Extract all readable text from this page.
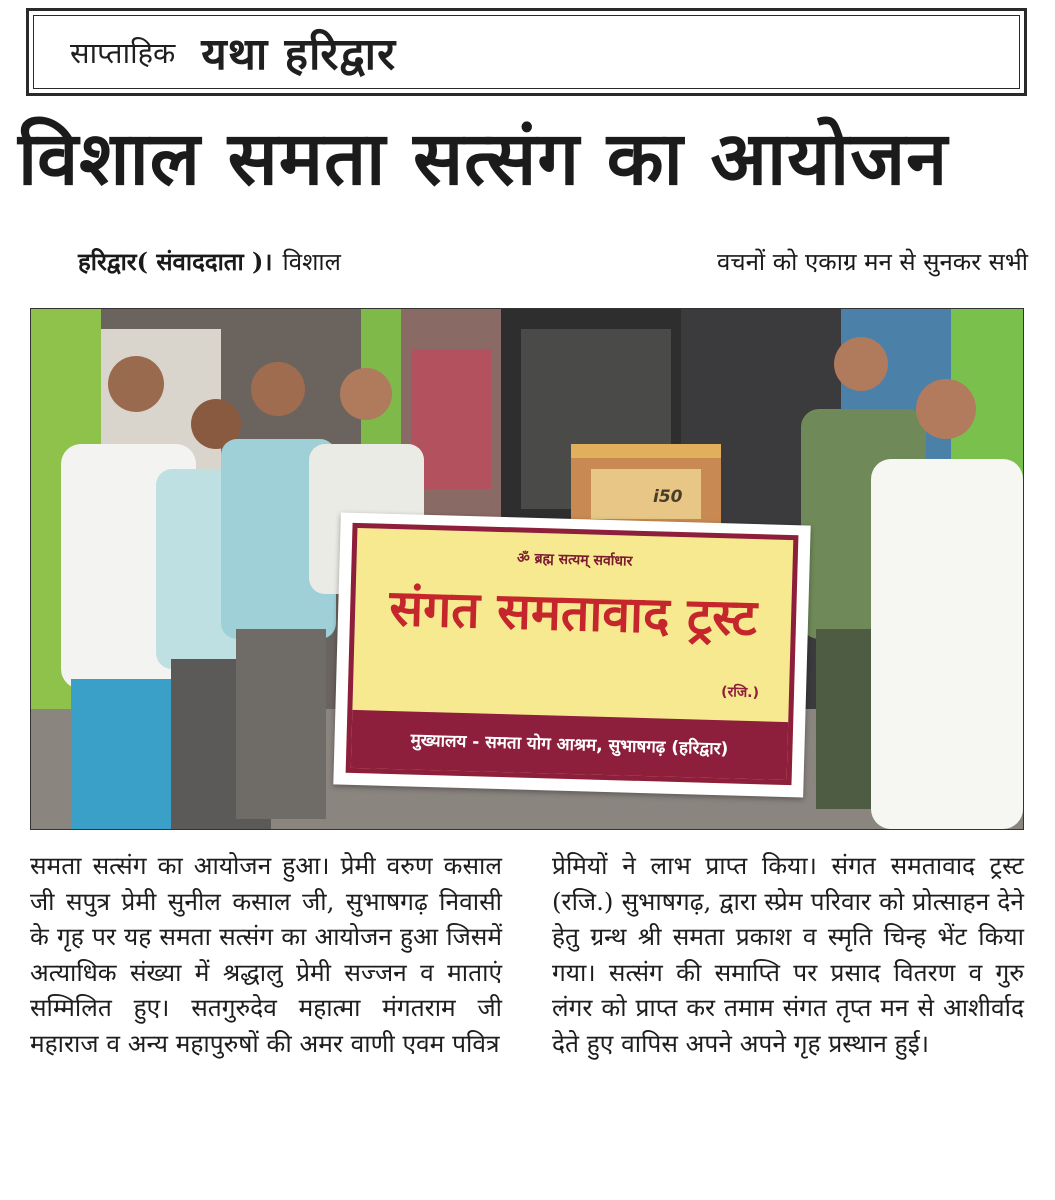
साप्ताहिक यथा हरिद्वार
विशाल समता सत्संग का आयोजन
हरिद्वार( संवाददाता )। विशाल	वचनों को एकाग्र मन से सुनकर सभी
i50
ॐ ब्रह्म सत्यम् सर्वाधार
संगत समतावाद ट्रस्ट
(रजि.)
मुख्यालय - समता योग आश्रम, सुभाषगढ़ (हरिद्वार)
समता सत्संग का आयोजन हुआ। प्रेमी वरुण कसाल जी सपुत्र प्रेमी सुनील कसाल जी, सुभाषगढ़ निवासी के गृह पर यह समता सत्संग का आयोजन हुआ जिसमें अत्याधिक संख्या में श्रद्धालु प्रेमी सज्जन व माताएं सम्मिलित हुए। सतगुरुदेव महात्मा मंगतराम जी महाराज व अन्य महापुरुषों की अमर वाणी एवम पवित्र
प्रेमियों ने लाभ प्राप्त किया। संगत समतावाद ट्रस्ट (रजि.) सुभाषगढ़, द्वारा स्प्रेम परिवार को प्रोत्साहन देने हेतु ग्रन्थ श्री समता प्रकाश व स्मृति चिन्ह भेंट किया गया। सत्संग की समाप्ति पर प्रसाद वितरण व गुरु लंगर को प्राप्त कर तमाम संगत तृप्त मन से आशीर्वाद देते हुए वापिस अपने अपने गृह प्रस्थान हुई।
